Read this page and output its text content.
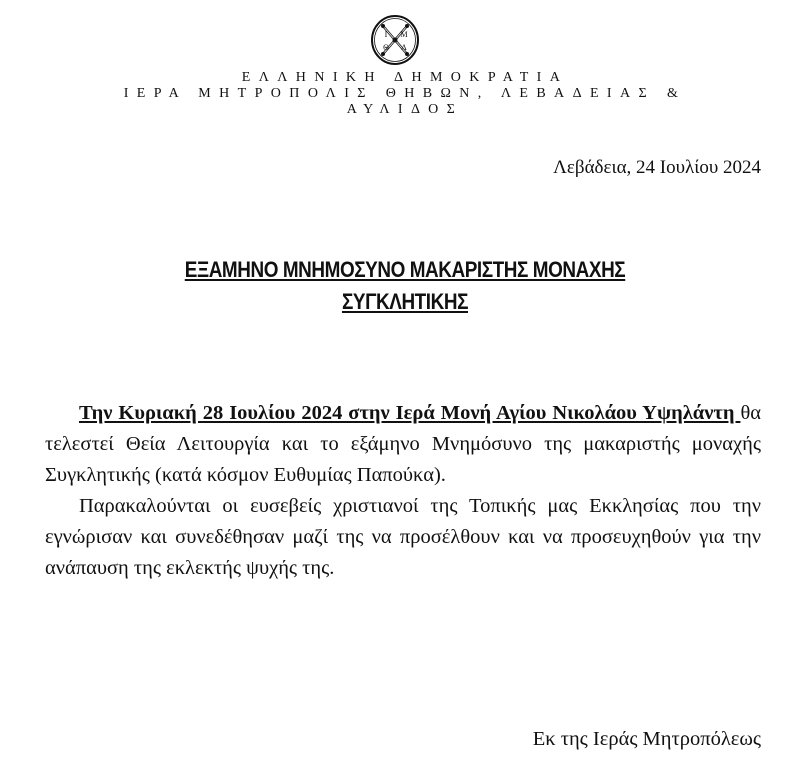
Ι Μ
Θ Λ
ΕΛΛΗΝΙΚΗ ΔΗΜΟΚΡΑΤΙΑ
ΙΕΡΑ ΜΗΤΡΟΠΟΛΙΣ ΘΗΒΩΝ, ΛΕΒΑΔΕΙΑΣ &
ΑΥΛΙΔΟΣ
Λεβάδεια, 24 Ιουλίου 2024
ΕΞΑΜΗΝΟ ΜΝΗΜΟΣΥΝΟ ΜΑΚΑΡΙΣΤΗΣ ΜΟΝΑΧΗΣ
ΣΥΓΚΛΗΤΙΚΗΣ

Την Κυριακή 28 Ιουλίου 2024 στην Ιερά Μονή Αγίου Νικολάου Υψηλάντη θα τελεστεί Θεία Λειτουργία και το εξάμηνο Μνημόσυνο της μακαριστής μοναχής Συγκλητικής (κατά κόσμον Ευθυμίας Παπούκα).

Παρακαλούνται οι ευσεβείς χριστιανοί της Τοπικής μας Εκκλησίας που την εγνώρισαν και συνεδέθησαν μαζί της να προσέλθουν και να προσευχηθούν για την ανάπαυση της εκλεκτής ψυχής της.

Εκ της Ιεράς Μητροπόλεως
